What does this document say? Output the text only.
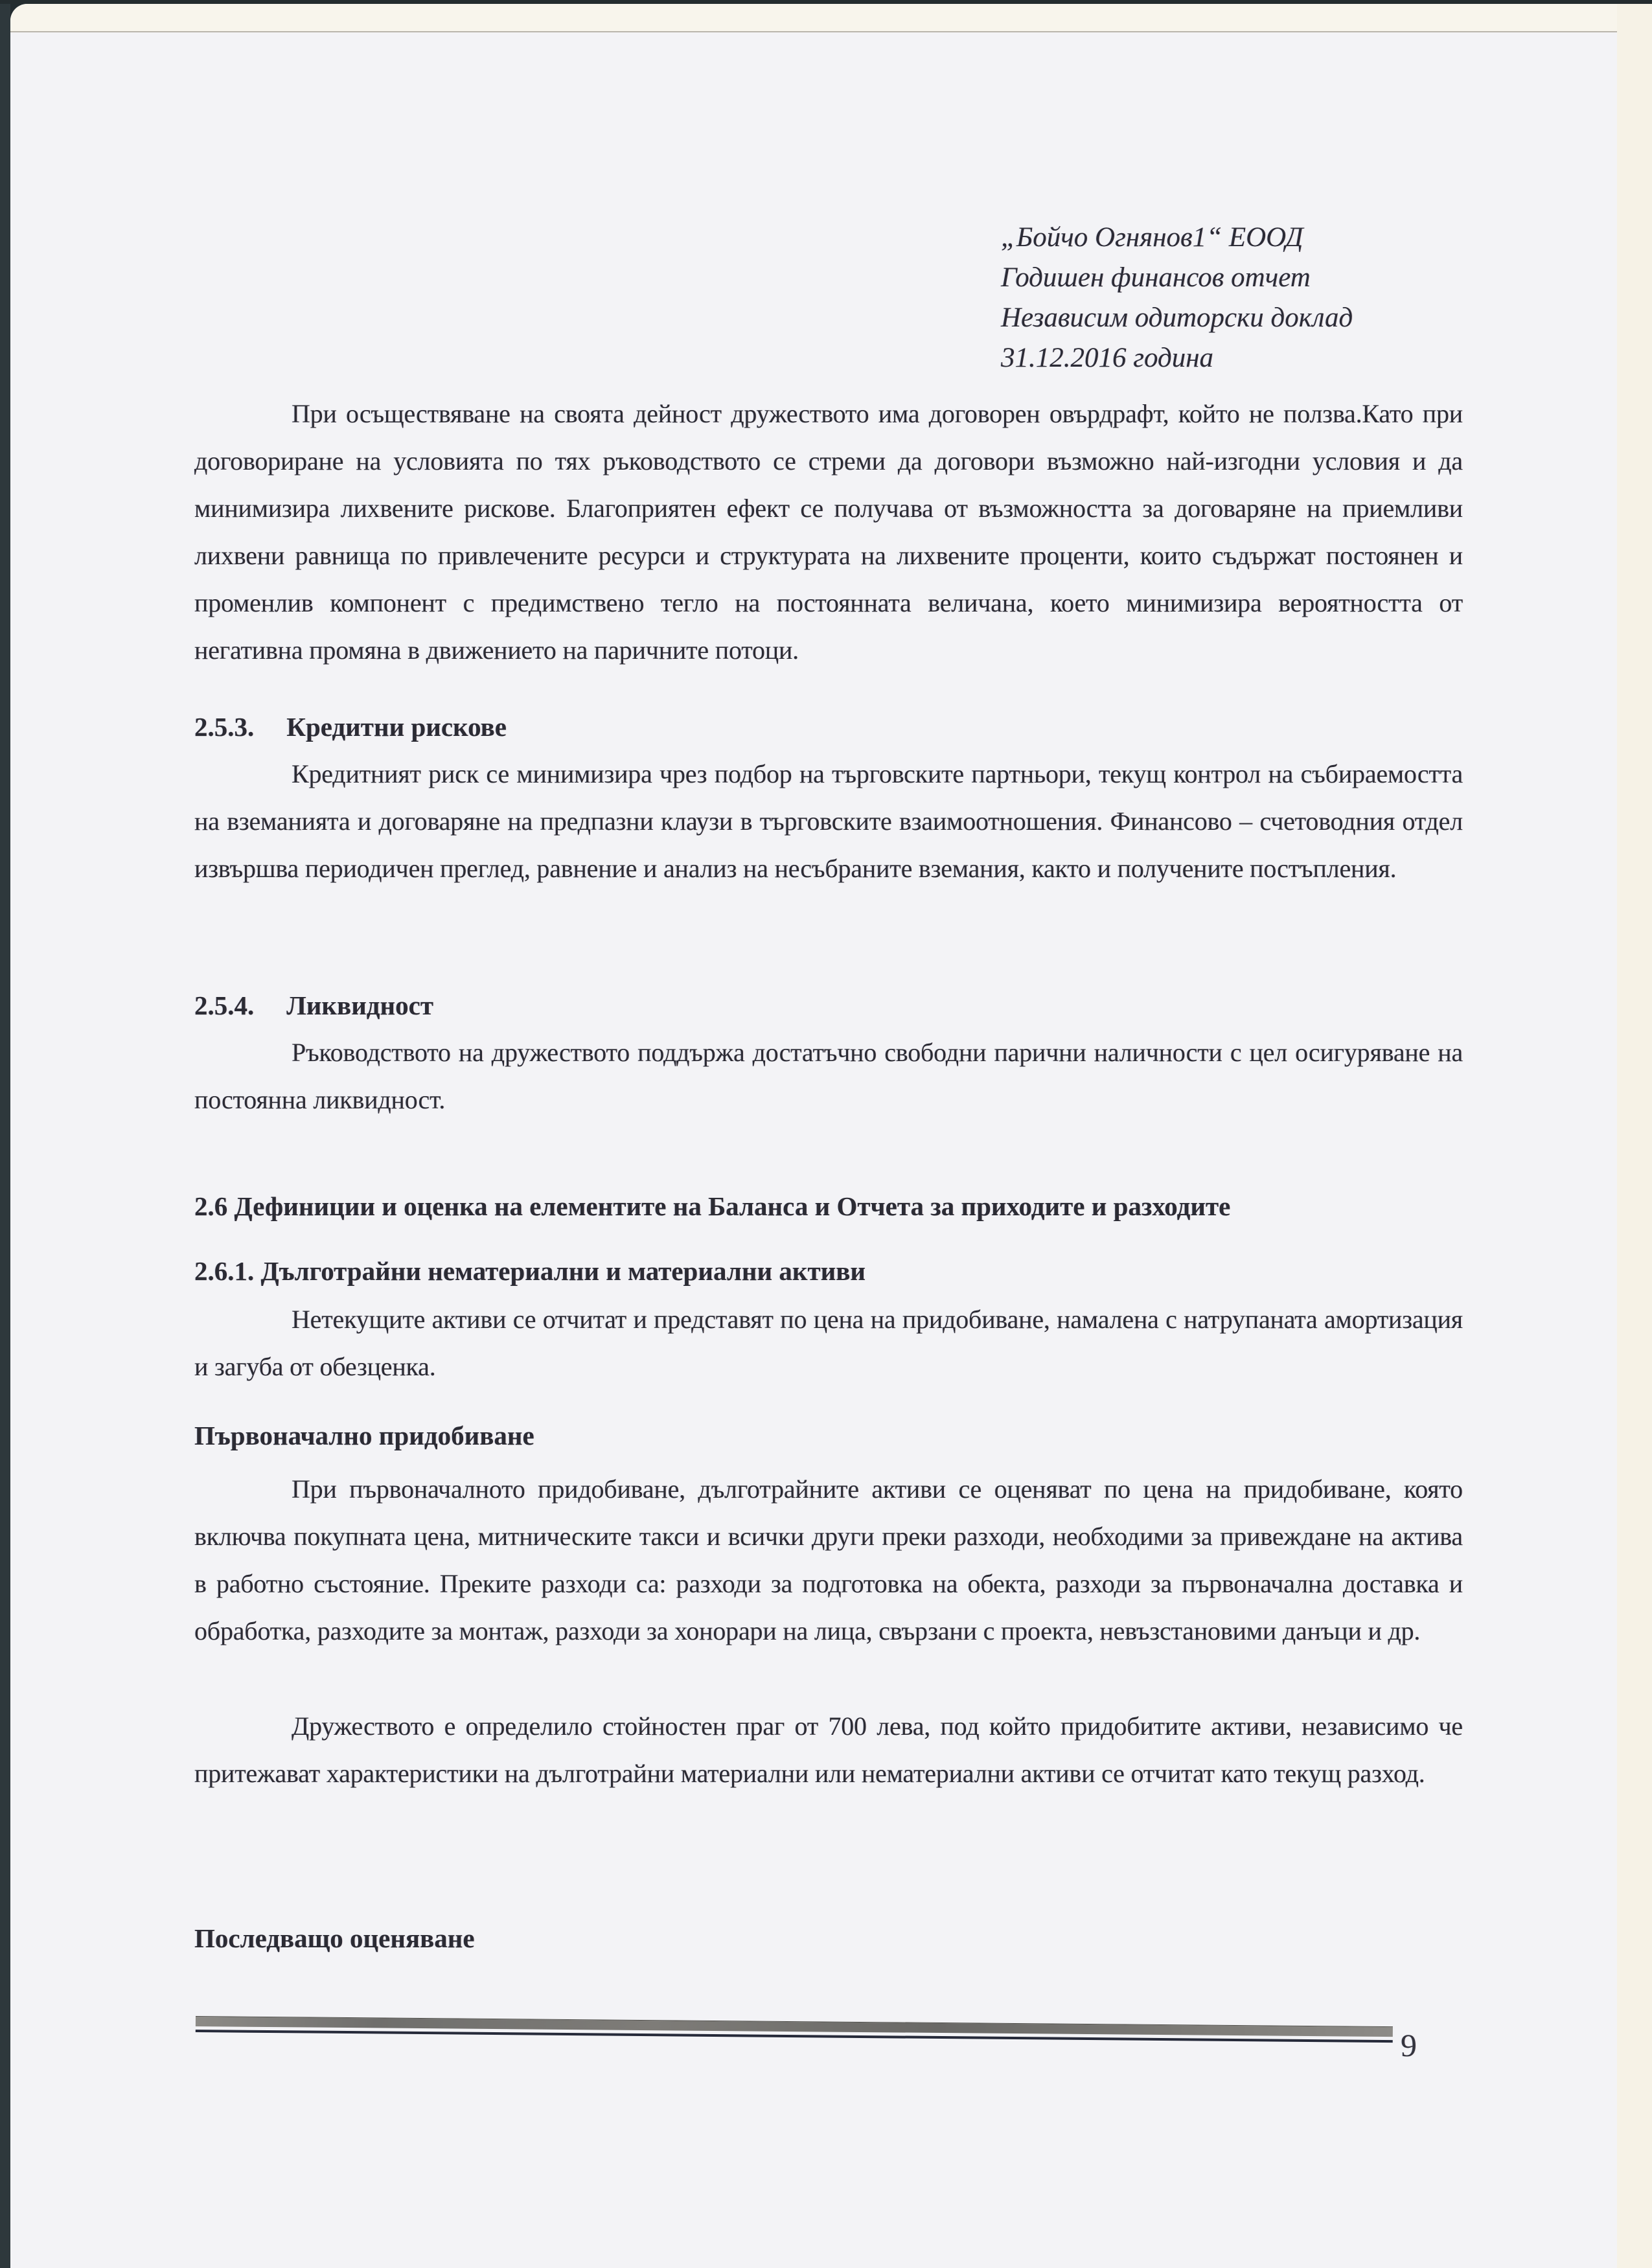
„Бойчо Огнянов1“ ЕООД
Годишен финансов отчет
Независим одиторски доклад
31.12.2016 година
При осъществяване на своята дейност дружеството има договорен овърдрафт, който не ползва.Като при договориране на условията по тях ръководството се стреми да договори възможно най-изгодни условия и да минимизира лихвените рискове. Благоприятен ефект се получава от възможността за договаряне на приемливи лихвени равнища по привлечените ресурси и структурата на лихвените проценти, които съдържат постоянен и променлив компонент с предимствено тегло на постоянната величана, което минимизира вероятността от негативна промяна в движението на паричните потоци.
2.5.3. Кредитни рискове
Кредитният риск се минимизира чрез подбор на търговските партньори, текущ контрол на събираемостта на вземанията и договаряне на предпазни клаузи в търговските взаимоотношения. Финансово – счетоводния отдел извършва периодичен преглед, равнение и анализ на несъбраните вземания, както и получените постъпления.
2.5.4. Ликвидност
Ръководството на дружеството поддържа достатъчно свободни парични наличности с цел осигуряване на постоянна ликвидност.
2.6 Дефиниции и оценка на елементите на Баланса и Отчета за приходите и разходите
2.6.1. Дълготрайни нематериални и материални активи
Нетекущите активи се отчитат и представят по цена на придобиване, намалена с натрупаната амортизация и загуба от обезценка.
Първоначално придобиване
При първоначалното придобиване, дълготрайните активи се оценяват по цена на придобиване, която включва покупната цена, митническите такси и всички други преки разходи, необходими за привеждане на актива в работно състояние. Преките разходи са: разходи за подготовка на обекта, разходи за първоначална доставка и обработка, разходите за монтаж, разходи за хонорари на лица, свързани с проекта, невъзстановими данъци и др.
Дружеството е определило стойностен праг от 700 лева, под който придобитите активи, независимо че притежават характеристики на дълготрайни материални или нематериални активи се отчитат като текущ разход.
Последващо оценяване
9
